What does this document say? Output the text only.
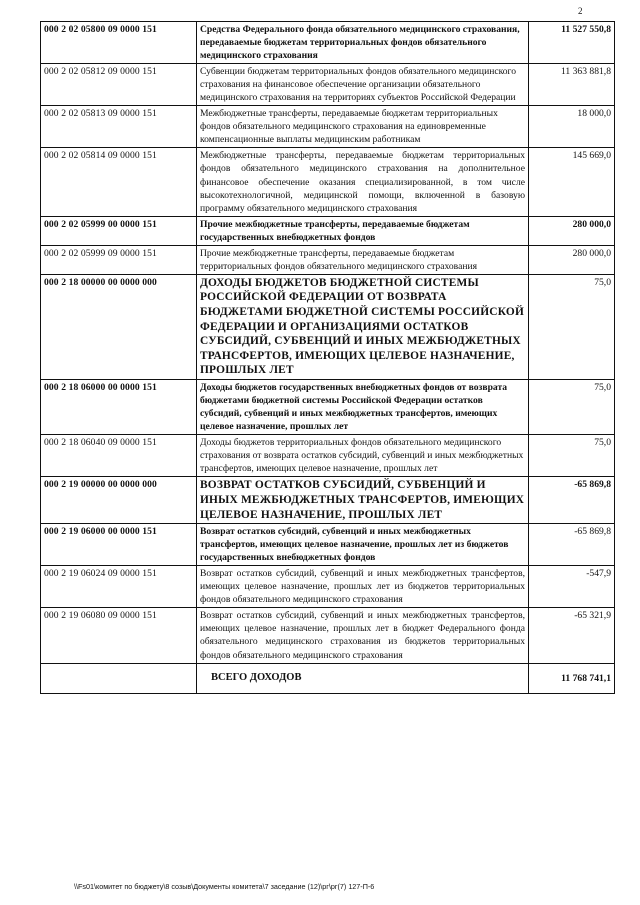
2
000 2 02 05800 09 0000 151	Средства Федерального фонда обязательного медицинского страхования, передаваемые бюджетам территориальных фондов обязательного медицинского страхования	11 527 550,8
000 2 02 05812 09 0000 151	Субвенции бюджетам территориальных фондов обязательного медицинского страхования на финансовое обеспечение организации обязательного медицинского страхования на территориях субъектов Российской Федерации	11 363 881,8
000 2 02 05813 09 0000 151	Межбюджетные трансферты, передаваемые бюджетам территориальных фондов обязательного медицинского страхования на единовременные компенсационные выплаты медицинским работникам	18 000,0
000 2 02 05814 09 0000 151	Межбюджетные трансферты, передаваемые бюджетам территориальных фондов обязательного медицинского страхования на дополнительное финансовое обеспечение оказания специализированной, в том числе высокотехнологичной, медицинской помощи, включенной в базовую программу обязательного медицинского страхования	145 669,0
000 2 02 05999 00 0000 151	Прочие межбюджетные трансферты, передаваемые бюджетам государственных внебюджетных фондов	280 000,0
000 2 02 05999 09 0000 151	Прочие межбюджетные трансферты, передаваемые бюджетам территориальных фондов обязательного медицинского страхования	280 000,0
000 2 18 00000 00 0000 000	ДОХОДЫ БЮДЖЕТОВ БЮДЖЕТНОЙ СИСТЕМЫ РОССИЙСКОЙ ФЕДЕРАЦИИ ОТ ВОЗВРАТА БЮДЖЕТАМИ БЮДЖЕТНОЙ СИСТЕМЫ РОССИЙСКОЙ ФЕДЕРАЦИИ И ОРГАНИЗАЦИЯМИ ОСТАТКОВ СУБСИДИЙ, СУБВЕНЦИЙ И ИНЫХ МЕЖБЮДЖЕТНЫХ ТРАНСФЕРТОВ, ИМЕЮЩИХ ЦЕЛЕВОЕ НАЗНАЧЕНИЕ, ПРОШЛЫХ ЛЕТ	75,0
000 2 18 06000 00 0000 151	Доходы бюджетов государственных внебюджетных фондов от возврата бюджетами бюджетной системы Российской Федерации остатков субсидий, субвенций и иных межбюджетных трансфертов, имеющих целевое назначение, прошлых лет	75,0
000 2 18 06040 09 0000 151	Доходы бюджетов территориальных фондов обязательного медицинского страхования от возврата остатков субсидий, субвенций и иных межбюджетных трансфертов, имеющих целевое назначение, прошлых лет	75,0
000 2 19 00000 00 0000 000	ВОЗВРАТ ОСТАТКОВ СУБСИДИЙ, СУБВЕНЦИЙ И ИНЫХ МЕЖБЮДЖЕТНЫХ ТРАНСФЕРТОВ, ИМЕЮЩИХ ЦЕЛЕВОЕ НАЗНАЧЕНИЕ, ПРОШЛЫХ ЛЕТ	-65 869,8
000 2 19 06000 00 0000 151	Возврат остатков субсидий, субвенций и иных межбюджетных трансфертов, имеющих целевое назначение, прошлых лет из бюджетов государственных внебюджетных фондов	-65 869,8
000 2 19 06024 09 0000 151	Возврат остатков субсидий, субвенций и иных межбюджетных трансфертов, имеющих целевое назначение, прошлых лет из бюджетов территориальных фондов обязательного медицинского страхования	-547,9
000 2 19 06080 09 0000 151	Возврат остатков субсидий, субвенций и иных межбюджетных трансфертов, имеющих целевое назначение, прошлых лет в бюджет Федерального фонда обязательного медицинского страхования из бюджетов территориальных фондов обязательного медицинского страхования	-65 321,9
	ВСЕГО ДОХОДОВ	11 768 741,1
\\Fs01\комитет по бюджету\8 созыв\Документы комитета\7 заседание (12)\рг\рг(7) 127-П-6
